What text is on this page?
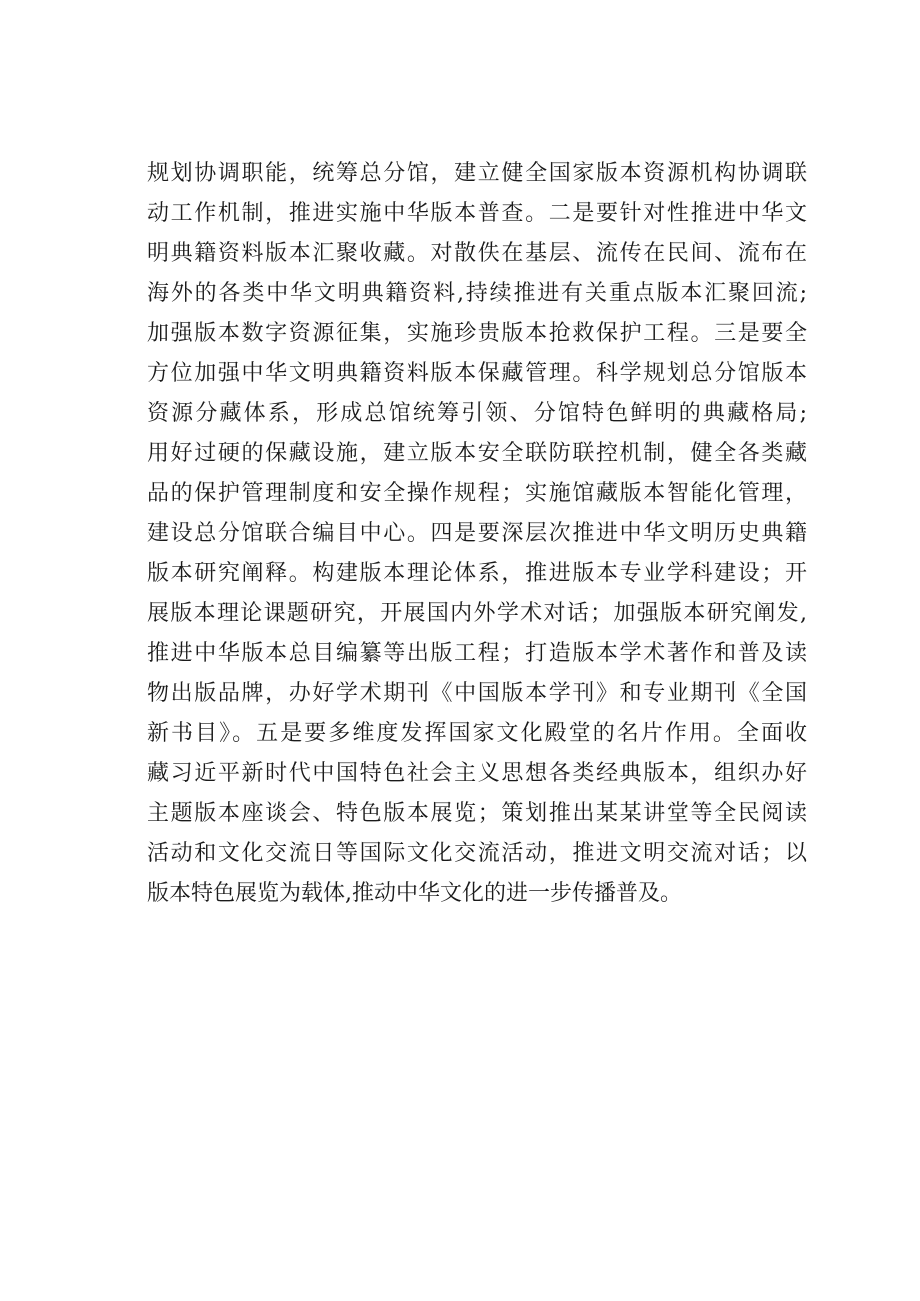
规划协调职能，统筹总分馆，建立健全国家版本资源机构协调联
动工作机制，推进实施中华版本普查。二是要针对性推进中华文
明典籍资料版本汇聚收藏。对散佚在基层、流传在民间、流布在
海外的各类中华文明典籍资料,持续推进有关重点版本汇聚回流;
加强版本数字资源征集，实施珍贵版本抢救保护工程。三是要全
方位加强中华文明典籍资料版本保藏管理。科学规划总分馆版本
资源分藏体系，形成总馆统筹引领、分馆特色鲜明的典藏格局;
用好过硬的保藏设施，建立版本安全联防联控机制，健全各类藏
品的保护管理制度和安全操作规程；实施馆藏版本智能化管理，
建设总分馆联合编目中心。四是要深层次推进中华文明历史典籍
版本研究阐释。构建版本理论体系，推进版本专业学科建设；开
展版本理论课题研究，开展国内外学术对话；加强版本研究阐发,
推进中华版本总目编纂等出版工程；打造版本学术著作和普及读
物出版品牌，办好学术期刊《中国版本学刊》和专业期刊《全国
新书目》。五是要多维度发挥国家文化殿堂的名片作用。全面收
藏习近平新时代中国特色社会主义思想各类经典版本，组织办好
主题版本座谈会、特色版本展览；策划推出某某讲堂等全民阅读
活动和文化交流日等国际文化交流活动，推进文明交流对话；以
版本特色展览为载体,推动中华文化的进一步传播普及。
